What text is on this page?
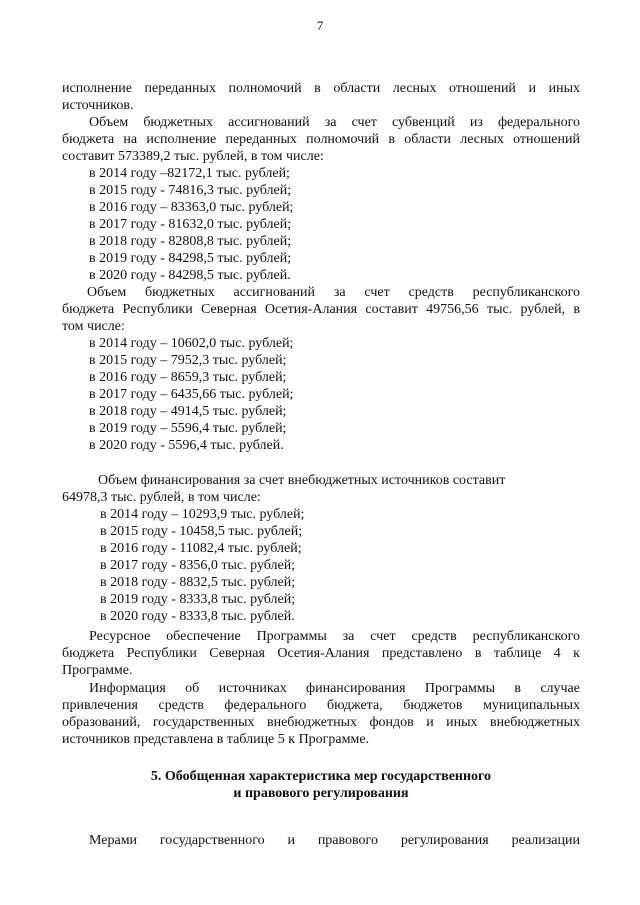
7
исполнение переданных полномочий в области лесных отношений и иных
источников.
Объем бюджетных ассигнований за счет субвенций из федерального
бюджета на исполнение переданных полномочий в области лесных отношений
составит 573389,2 тыс. рублей, в том числе:
в 2014 году –82172,1 тыс. рублей;
в 2015 году - 74816,3 тыс. рублей;
в 2016 году – 83363,0 тыс. рублей;
в 2017 году - 81632,0 тыс. рублей;
в 2018 году - 82808,8 тыс. рублей;
в 2019 году - 84298,5 тыс. рублей;
в 2020 году - 84298,5 тыс. рублей.
Объем бюджетных ассигнований за счет средств республиканского
бюджета Республики Северная Осетия-Алания составит 49756,56 тыс. рублей, в
том числе:
в 2014 году – 10602,0 тыс. рублей;
в 2015 году – 7952,3 тыс. рублей;
в 2016 году – 8659,3 тыс. рублей;
в 2017 году – 6435,66 тыс. рублей;
в 2018 году – 4914,5 тыс. рублей;
в 2019 году – 5596,4 тыс. рублей;
в 2020 году - 5596,4 тыс. рублей.
Объем финансирования за счет внебюджетных источников составит
64978,3 тыс. рублей, в том числе:
в 2014 году – 10293,9 тыс. рублей;
в 2015 году - 10458,5 тыс. рублей;
в 2016 году - 11082,4 тыс. рублей;
в 2017 году - 8356,0 тыс. рублей;
в 2018 году - 8832,5 тыс. рублей;
в 2019 году - 8333,8 тыс. рублей;
в 2020 году - 8333,8 тыс. рублей.
Ресурсное обеспечение Программы за счет средств республиканского
бюджета Республики Северная Осетия-Алания представлено в таблице 4 к
Программе.
Информация об источниках финансирования Программы в случае
привлечения средств федерального бюджета, бюджетов муниципальных
образований, государственных внебюджетных фондов и иных внебюджетных
источников представлена в таблице 5 к Программе.
5. Обобщенная характеристика мер государственного
и правового регулирования
Мерами государственного и правового регулирования реализации
